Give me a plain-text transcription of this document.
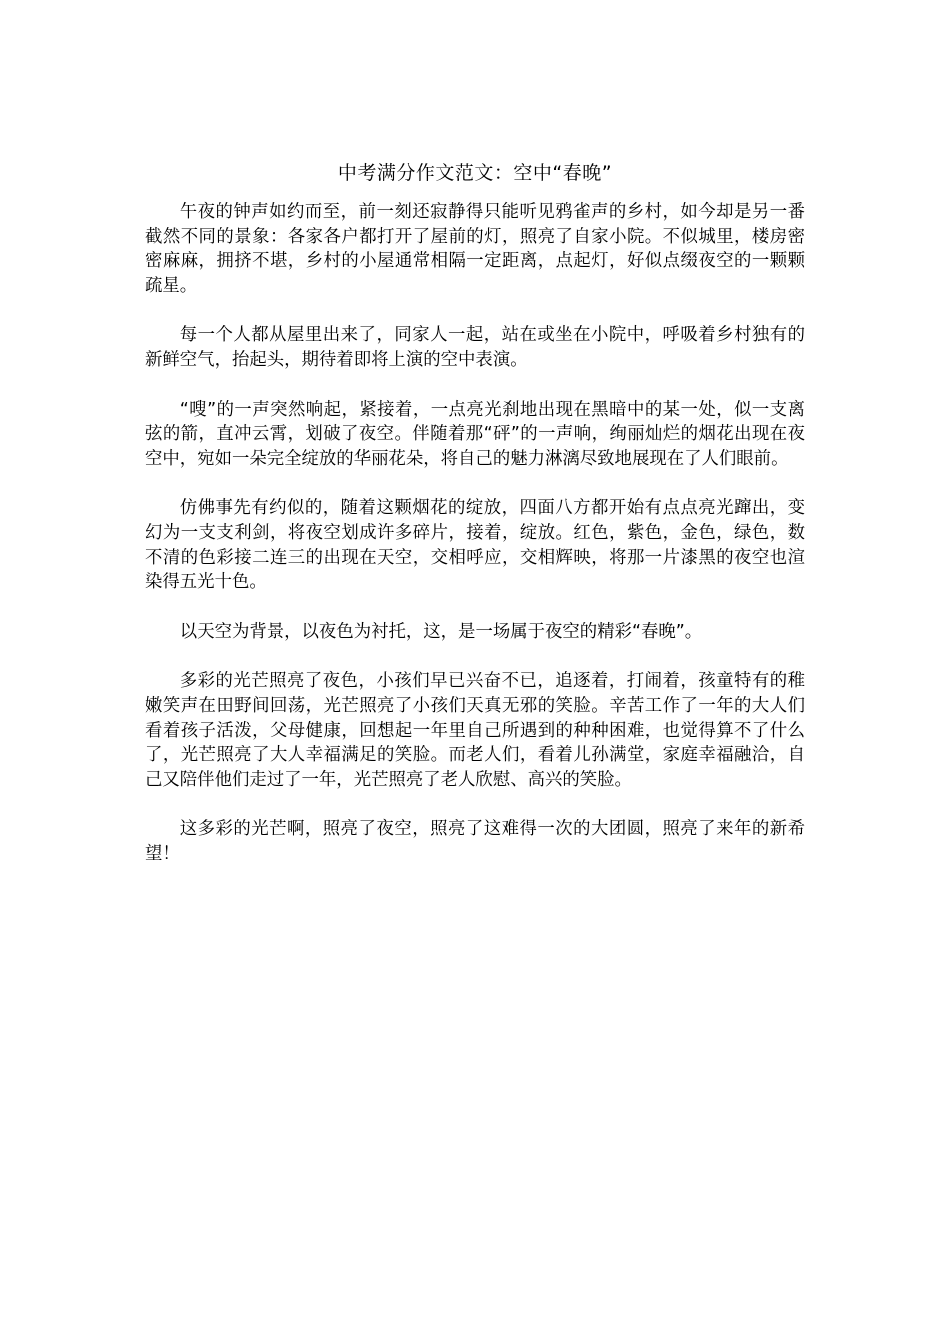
中考满分作文范文：空中“春晚”

午夜的钟声如约而至，前一刻还寂静得只能听见鸦雀声的乡村，如今却是另一番截然不同的景象：各家各户都打开了屋前的灯，照亮了自家小院。不似城里，楼房密密麻麻，拥挤不堪，乡村的小屋通常相隔一定距离，点起灯，好似点缀夜空的一颗颗疏星。

每一个人都从屋里出来了，同家人一起，站在或坐在小院中，呼吸着乡村独有的新鲜空气，抬起头，期待着即将上演的空中表演。

“嗖”的一声突然响起，紧接着，一点亮光刹地出现在黑暗中的某一处，似一支离弦的箭，直冲云霄，划破了夜空。伴随着那“砰”的一声响，绚丽灿烂的烟花出现在夜空中，宛如一朵完全绽放的华丽花朵，将自己的魅力淋漓尽致地展现在了人们眼前。

仿佛事先有约似的，随着这颗烟花的绽放，四面八方都开始有点点亮光蹿出，变幻为一支支利剑，将夜空划成许多碎片，接着，绽放。红色，紫色，金色，绿色，数不清的色彩接二连三的出现在天空，交相呼应，交相辉映，将那一片漆黑的夜空也渲染得五光十色。

以天空为背景，以夜色为衬托，这，是一场属于夜空的精彩“春晚”。

多彩的光芒照亮了夜色，小孩们早已兴奋不已，追逐着，打闹着，孩童特有的稚嫩笑声在田野间回荡，光芒照亮了小孩们天真无邪的笑脸。辛苦工作了一年的大人们看着孩子活泼，父母健康，回想起一年里自己所遇到的种种困难，也觉得算不了什么了，光芒照亮了大人幸福满足的笑脸。而老人们，看着儿孙满堂，家庭幸福融洽，自己又陪伴他们走过了一年，光芒照亮了老人欣慰、高兴的笑脸。

这多彩的光芒啊，照亮了夜空，照亮了这难得一次的大团圆，照亮了来年的新希望！
